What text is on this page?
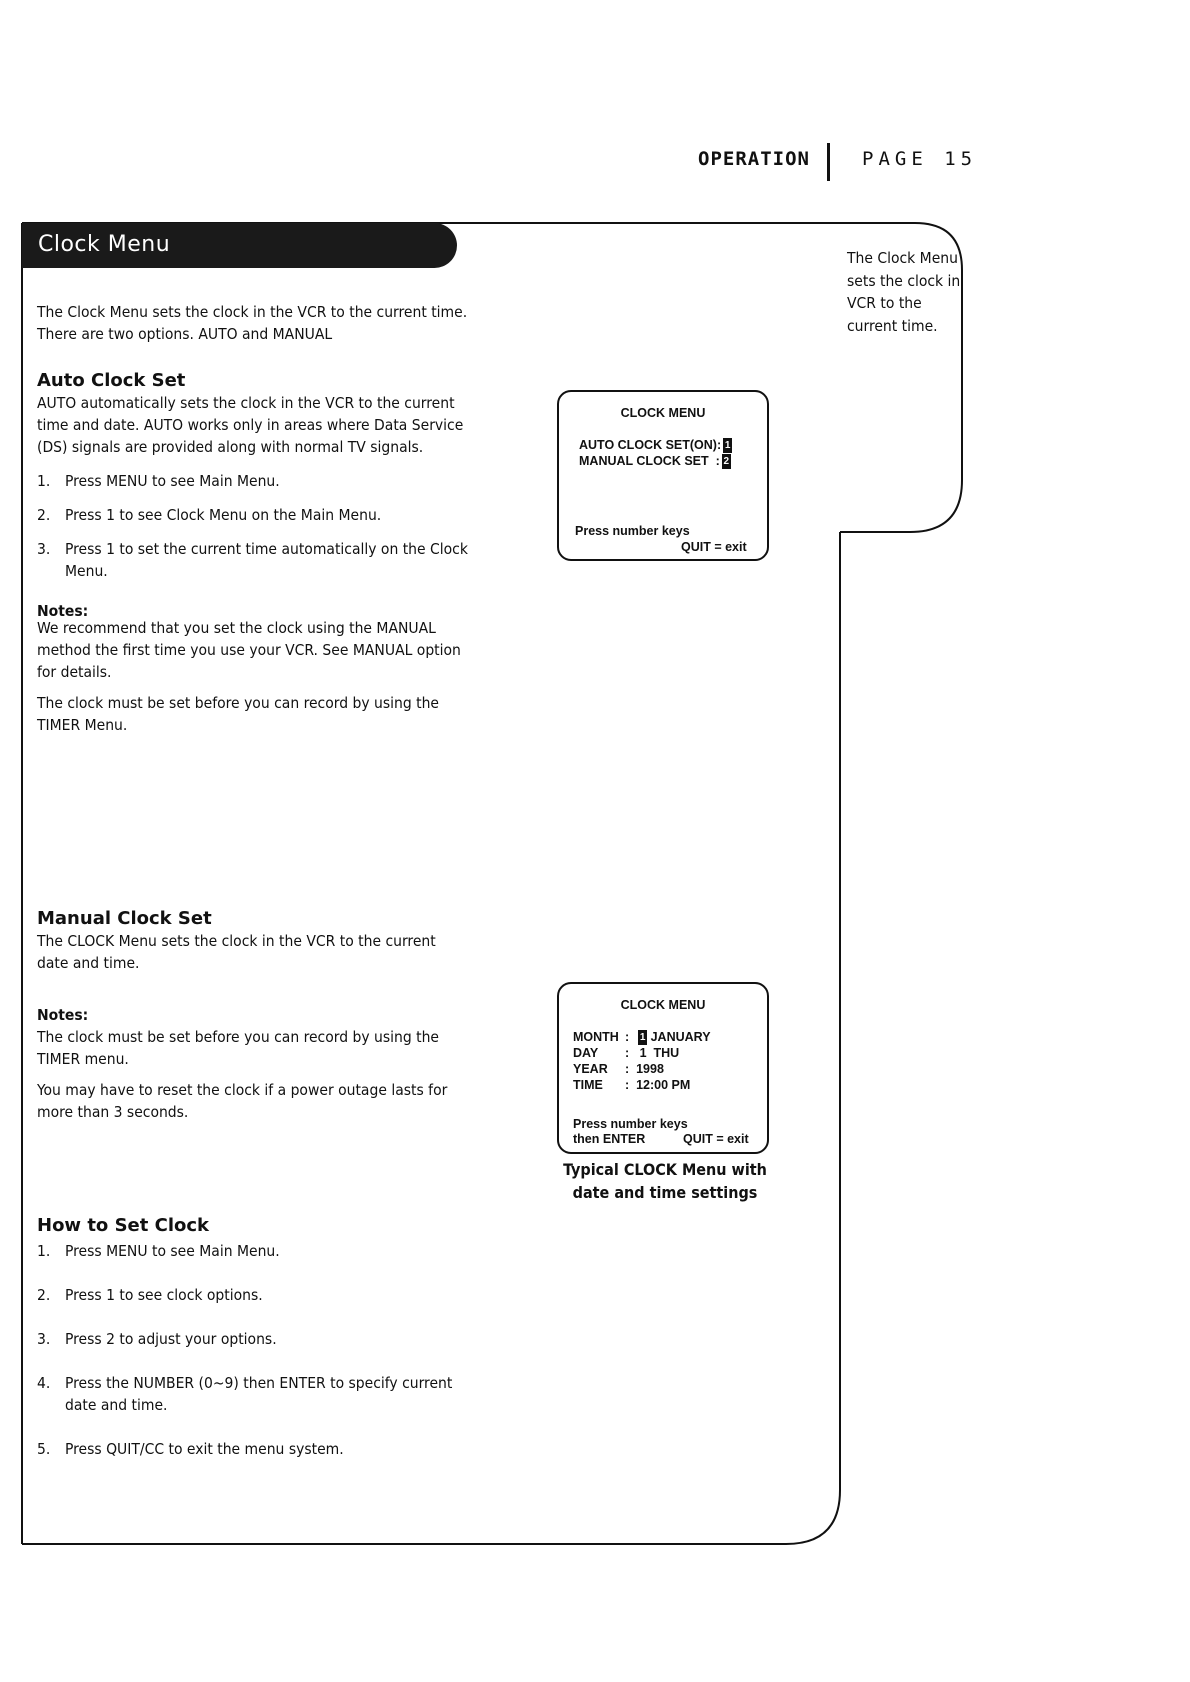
OPERATION	PAGE 15
Clock Menu
The Clock Menu sets the clock in the VCR to the current time. There are two options. AUTO and MANUAL
Auto Clock Set
AUTO automatically sets the clock in the VCR to the current time and date. AUTO works only in areas where Data Service (DS) signals are provided along with normal TV signals.
1. Press MENU to see Main Menu.
2. Press 1 to see Clock Menu on the Main Menu.
3. Press 1 to set the current time automatically on the Clock Menu.
Notes:
We recommend that you set the clock using the MANUAL method the first time you use your VCR. See MANUAL option for details.
The clock must be set before you can record by using the TIMER Menu.
Manual Clock Set
The CLOCK Menu sets the clock in the VCR to the current date and time.
Notes:
The clock must be set before you can record by using the TIMER menu.
You may have to reset the clock if a power outage lasts for more than 3 seconds.
How to Set Clock
1. Press MENU to see Main Menu.
2. Press 1 to see clock options.
3. Press 2 to adjust your options.
4. Press the NUMBER (0~9) then ENTER to specify current date and time.
5. Press QUIT/CC to exit the menu system.
The Clock Menu sets the clock in VCR to the current time.
CLOCK MENU
AUTO CLOCK SET(ON): 1
MANUAL CLOCK SET  : 2
Press number keys
QUIT = exit
CLOCK MENU
MONTH :  1 JANUARY
DAY :   1  THU
YEAR :  1998
TIME :  12:00 PM
Press number keys
then ENTER	QUIT = exit
Typical CLOCK Menu with date and time settings
